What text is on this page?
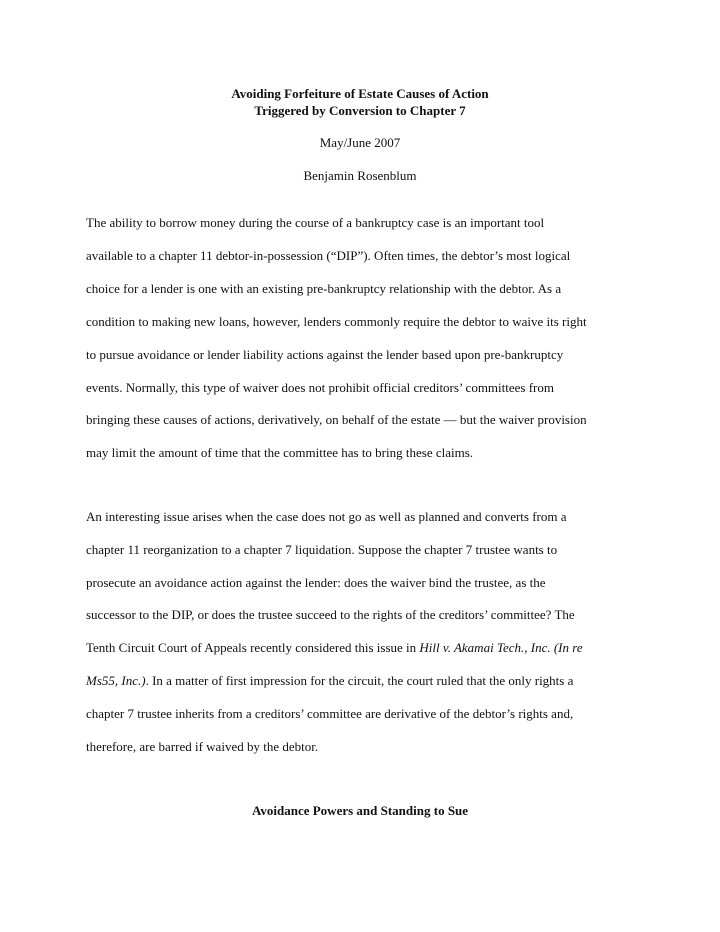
Avoiding Forfeiture of Estate Causes of Action
Triggered by Conversion to Chapter 7
May/June 2007
Benjamin Rosenblum
The ability to borrow money during the course of a bankruptcy case is an important tool
available to a chapter 11 debtor-in-possession (“DIP”). Often times, the debtor’s most logical
choice for a lender is one with an existing pre-bankruptcy relationship with the debtor. As a
condition to making new loans, however, lenders commonly require the debtor to waive its right
to pursue avoidance or lender liability actions against the lender based upon pre-bankruptcy
events. Normally, this type of waiver does not prohibit official creditors’ committees from
bringing these causes of actions, derivatively, on behalf of the estate — but the waiver provision
may limit the amount of time that the committee has to bring these claims.
An interesting issue arises when the case does not go as well as planned and converts from a
chapter 11 reorganization to a chapter 7 liquidation. Suppose the chapter 7 trustee wants to
prosecute an avoidance action against the lender: does the waiver bind the trustee, as the
successor to the DIP, or does the trustee succeed to the rights of the creditors’ committee? The
Tenth Circuit Court of Appeals recently considered this issue in Hill v. Akamai Tech., Inc. (In re
Ms55, Inc.). In a matter of first impression for the circuit, the court ruled that the only rights a
chapter 7 trustee inherits from a creditors’ committee are derivative of the debtor’s rights and,
therefore, are barred if waived by the debtor.
Avoidance Powers and Standing to Sue
